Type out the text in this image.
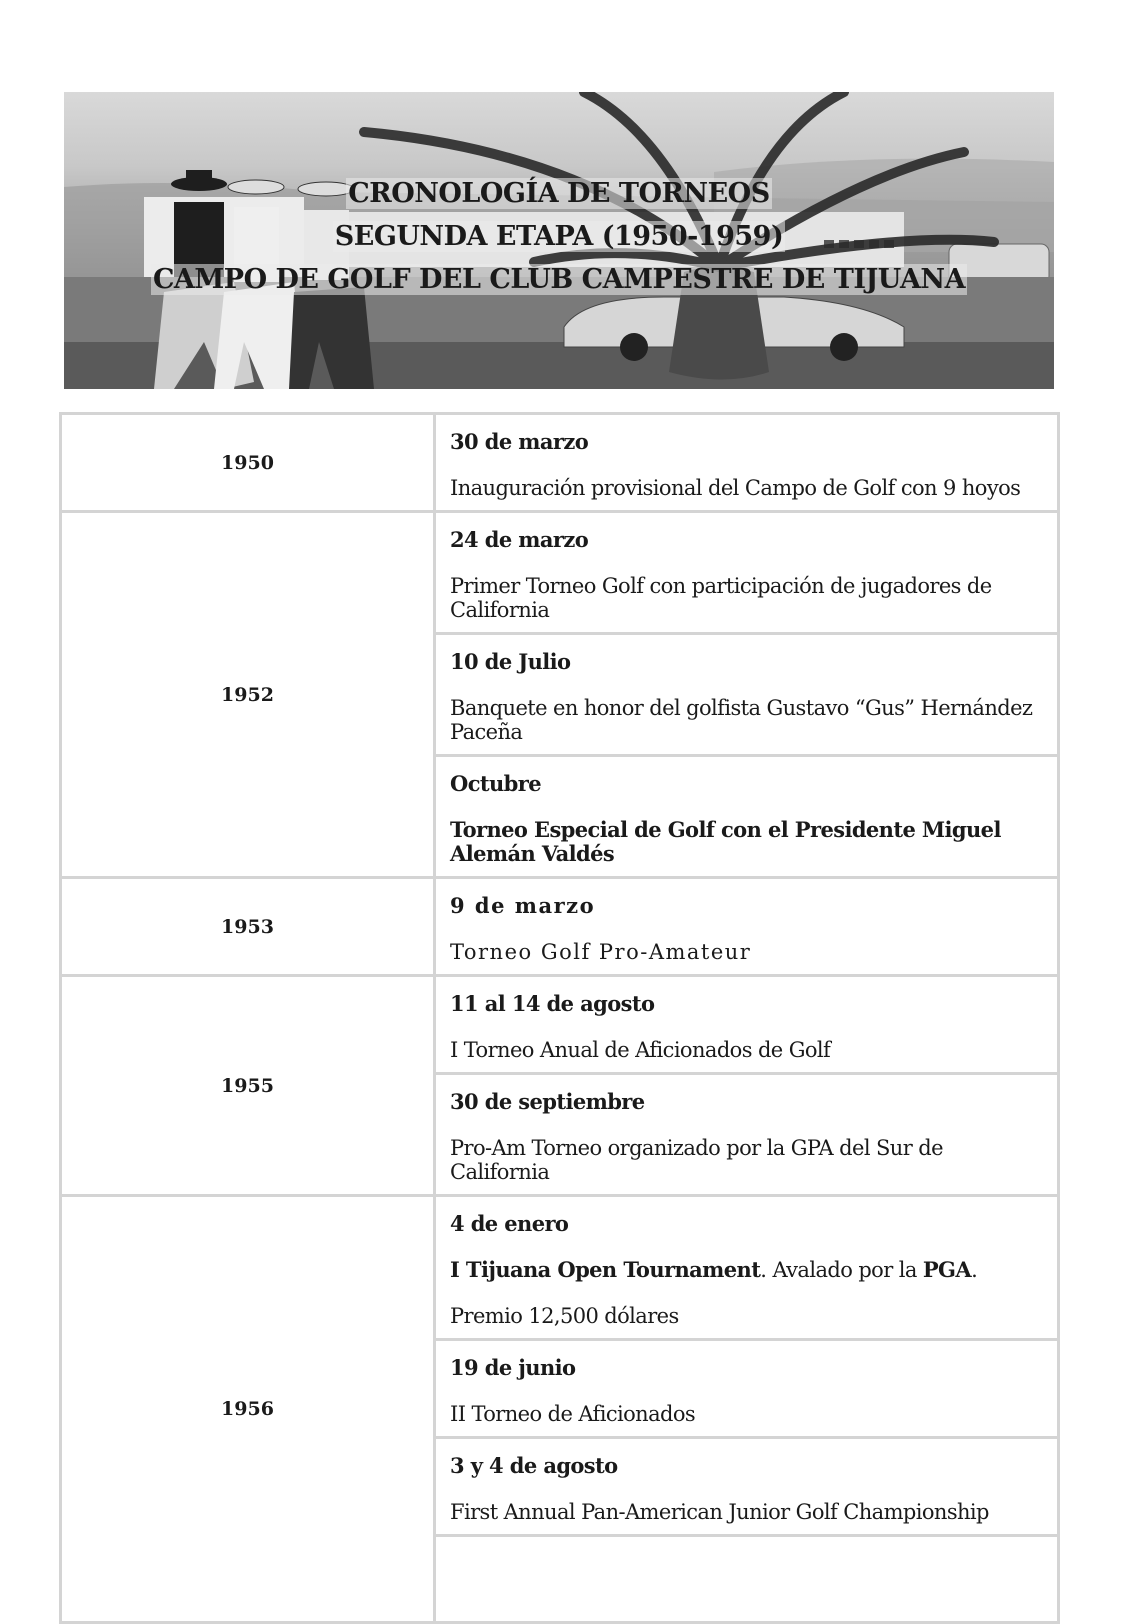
CRONOLOGÍA DE TORNEOS
SEGUNDA ETAPA (1950-1959)
CAMPO DE GOLF DEL CLUB CAMPESTRE DE TIJUANA
1950	30 de marzo
Inauguración provisional del Campo de Golf con 9 hoyos

1952	24 de marzo
Primer Torneo Golf con participación de jugadores de California

	10 de Julio
Banquete en honor del golfista Gustavo “Gus” Hernández Paceña

	Octubre
Torneo Especial de Golf con el Presidente Miguel Alemán Valdés

1953	9 de marzo
Torneo Golf Pro-Amateur

1955	11 al 14 de agosto
I Torneo Anual de Aficionados de Golf

	30 de septiembre
Pro-Am Torneo organizado por la GPA del Sur de California

1956	4 de enero
I Tijuana Open Tournament. Avalado por la PGA.
Premio 12,500 dólares

	19 de junio
II Torneo de Aficionados

	3 y 4 de agosto
First Annual Pan-American Junior Golf Championship
